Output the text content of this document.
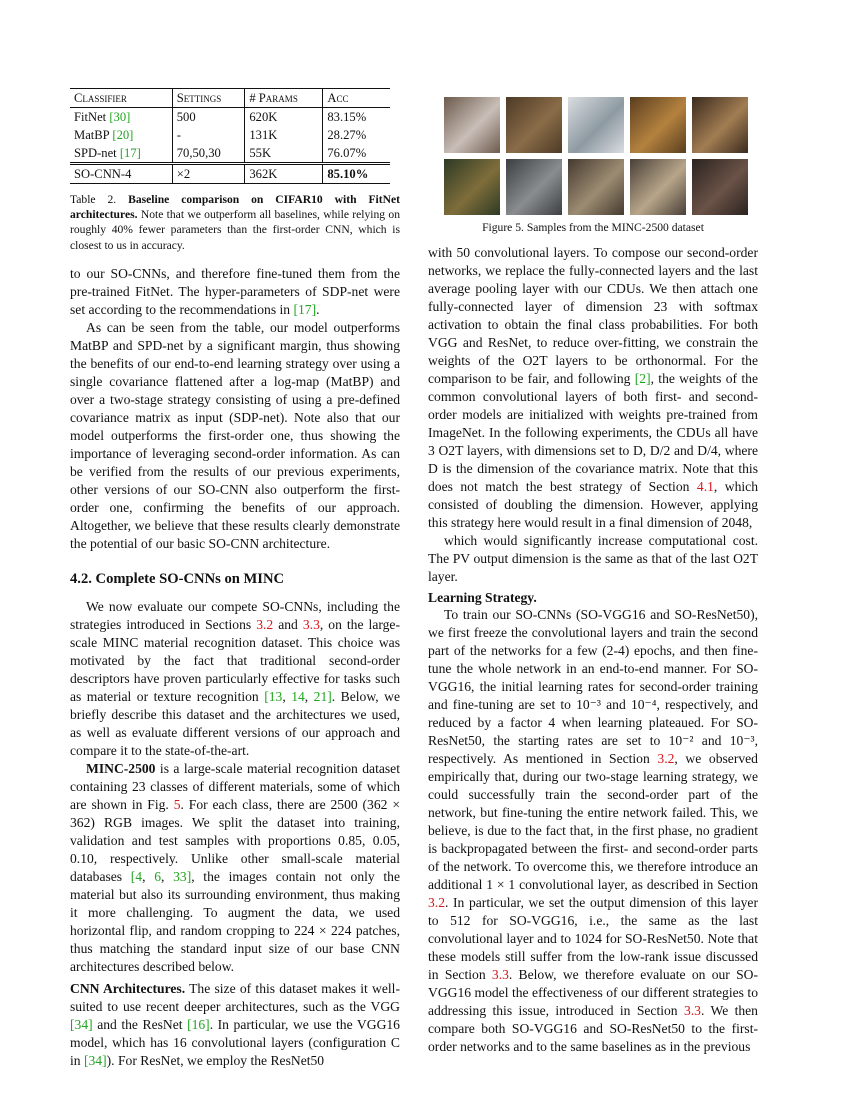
Classifier	Settings	# Params	Acc
FitNet [30]	500	620K	83.15%
MatBP [20]	-	131K	28.27%
SPD-net [17]	70,50,30	55K	76.07%
SO-CNN-4	×2	362K	85.10%
Table 2. Baseline comparison on CIFAR10 with FitNet architectures. Note that we outperform all baselines, while relying on roughly 40% fewer parameters than the first-order CNN, which is closest to us in accuracy.

to our SO-CNNs, and therefore fine-tuned them from the pre-trained FitNet. The hyper-parameters of SDP-net were set according to the recommendations in [17].

As can be seen from the table, our model outperforms MatBP and SPD-net by a significant margin, thus showing the benefits of our end-to-end learning strategy over using a single covariance flattened after a log-map (MatBP) and over a two-stage strategy consisting of using a pre-defined covariance matrix as input (SDP-net). Note also that our model outperforms the first-order one, thus showing the importance of leveraging second-order information. As can be verified from the results of our previous experiments, other versions of our SO-CNN also outperform the first-order one, confirming the benefits of our approach. Altogether, we believe that these results clearly demonstrate the potential of our basic SO-CNN architecture.

4.2. Complete SO-CNNs on MINC

We now evaluate our compete SO-CNNs, including the strategies introduced in Sections 3.2 and 3.3, on the large-scale MINC material recognition dataset. This choice was motivated by the fact that traditional second-order descriptors have proven particularly effective for tasks such as material or texture recognition [13, 14, 21]. Below, we briefly describe this dataset and the architectures we used, as well as evaluate different versions of our approach and compare it to the state-of-the-art.

MINC-2500 is a large-scale material recognition dataset containing 23 classes of different materials, some of which are shown in Fig. 5. For each class, there are 2500 (362 × 362) RGB images. We split the dataset into training, validation and test samples with proportions 0.85, 0.05, 0.10, respectively. Unlike other small-scale material databases [4, 6, 33], the images contain not only the material but also its surrounding environment, thus making it more challenging. To augment the data, we used horizontal flip, and random cropping to 224 × 224 patches, thus matching the standard input size of our base CNN architectures described below.

CNN Architectures. The size of this dataset makes it well-suited to use recent deeper architectures, such as the VGG [34] and the ResNet [16]. In particular, we use the VGG16 model, which has 16 convolutional layers (configuration C in [34]). For ResNet, we employ the ResNet50

Figure 5. Samples from the MINC-2500 dataset

with 50 convolutional layers. To compose our second-order networks, we replace the fully-connected layers and the last average pooling layer with our CDUs. We then attach one fully-connected layer of dimension 23 with softmax activation to obtain the final class probabilities. For both VGG and ResNet, to reduce over-fitting, we constrain the weights of the O2T layers to be orthonormal. For the comparison to be fair, and following [2], the weights of the common convolutional layers of both first- and second-order models are initialized with weights pre-trained from ImageNet. In the following experiments, the CDUs all have 3 O2T layers, with dimensions set to D, D/2 and D/4, where D is the dimension of the covariance matrix. Note that this does not match the best strategy of Section 4.1, which consisted of doubling the dimension. However, applying this strategy here would result in a final dimension of 2048,

which would significantly increase computational cost. The PV output dimension is the same as that of the last O2T layer.

Learning Strategy.

To train our SO-CNNs (SO-VGG16 and SO-ResNet50), we first freeze the convolutional layers and train the second part of the networks for a few (2-4) epochs, and then fine-tune the whole network in an end-to-end manner. For SO-VGG16, the initial learning rates for second-order training and fine-tuning are set to 10⁻³ and 10⁻⁴, respectively, and reduced by a factor 4 when learning plateaued. For SO-ResNet50, the starting rates are set to 10⁻² and 10⁻³, respectively. As mentioned in Section 3.2, we observed empirically that, during our two-stage learning strategy, we could successfully train the second-order part of the network, but fine-tuning the entire network failed. This, we believe, is due to the fact that, in the first phase, no gradient is backpropagated between the first- and second-order parts of the network. To overcome this, we therefore introduce an additional 1 × 1 convolutional layer, as described in Section 3.2. In particular, we set the output dimension of this layer to 512 for SO-VGG16, i.e., the same as the last convolutional layer and to 1024 for SO-ResNet50. Note that these models still suffer from the low-rank issue discussed in Section 3.3. Below, we therefore evaluate on our SO-VGG16 model the effectiveness of our different strategies to addressing this issue, introduced in Section 3.3. We then compare both SO-VGG16 and SO-ResNet50 to the first-order networks and to the same baselines as in the previous
